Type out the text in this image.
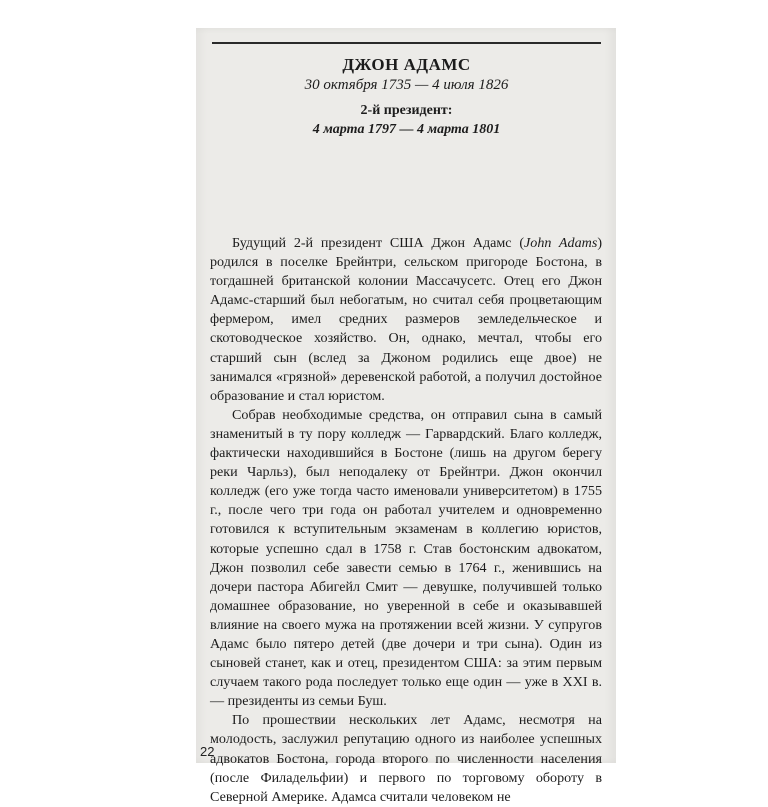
ДЖОН АДАМС
30 октября 1735 — 4 июля 1826
2-й президент:
4 марта 1797 — 4 марта 1801

Будущий 2-й президент США Джон Адамс (John Adams) родился в поселке Брейнтри, сельском пригороде Бостона, в тогдашней британской колонии Массачусетс. Отец его Джон Адамс-старший был небогатым, но считал себя процветающим фермером, имел средних размеров земледельческое и скотоводческое хозяйство. Он, однако, мечтал, чтобы его старший сын (вслед за Джоном родились еще двое) не занимался «грязной» деревенской работой, а получил достойное образование и стал юристом.

Собрав необходимые средства, он отправил сына в самый знаменитый в ту пору колледж — Гарвардский. Благо колледж, фактически находившийся в Бостоне (лишь на другом берегу реки Чарльз), был неподалеку от Брейнтри. Джон окончил колледж (его уже тогда часто именовали университетом) в 1755 г., после чего три года он работал учителем и одновременно готовился к вступительным экзаменам в коллегию юристов, которые успешно сдал в 1758 г. Став бостонским адвокатом, Джон позволил себе завести семью в 1764 г., женившись на дочери пастора Абигейл Смит — девушке, получившей только домашнее образование, но уверенной в себе и оказывавшей влияние на своего мужа на протяжении всей жизни. У супругов Адамс было пятеро детей (две дочери и три сына). Один из сыновей станет, как и отец, президентом США: за этим первым случаем такого рода последует только еще один — уже в XXI в. — президенты из семьи Буш.

По прошествии нескольких лет Адамс, несмотря на молодость, заслужил репутацию одного из наиболее успешных адвокатов Бостона, города второго по численности населения (после Филадельфии) и первого по торговому обороту в Северной Америке. Адамса считали человеком не

22
